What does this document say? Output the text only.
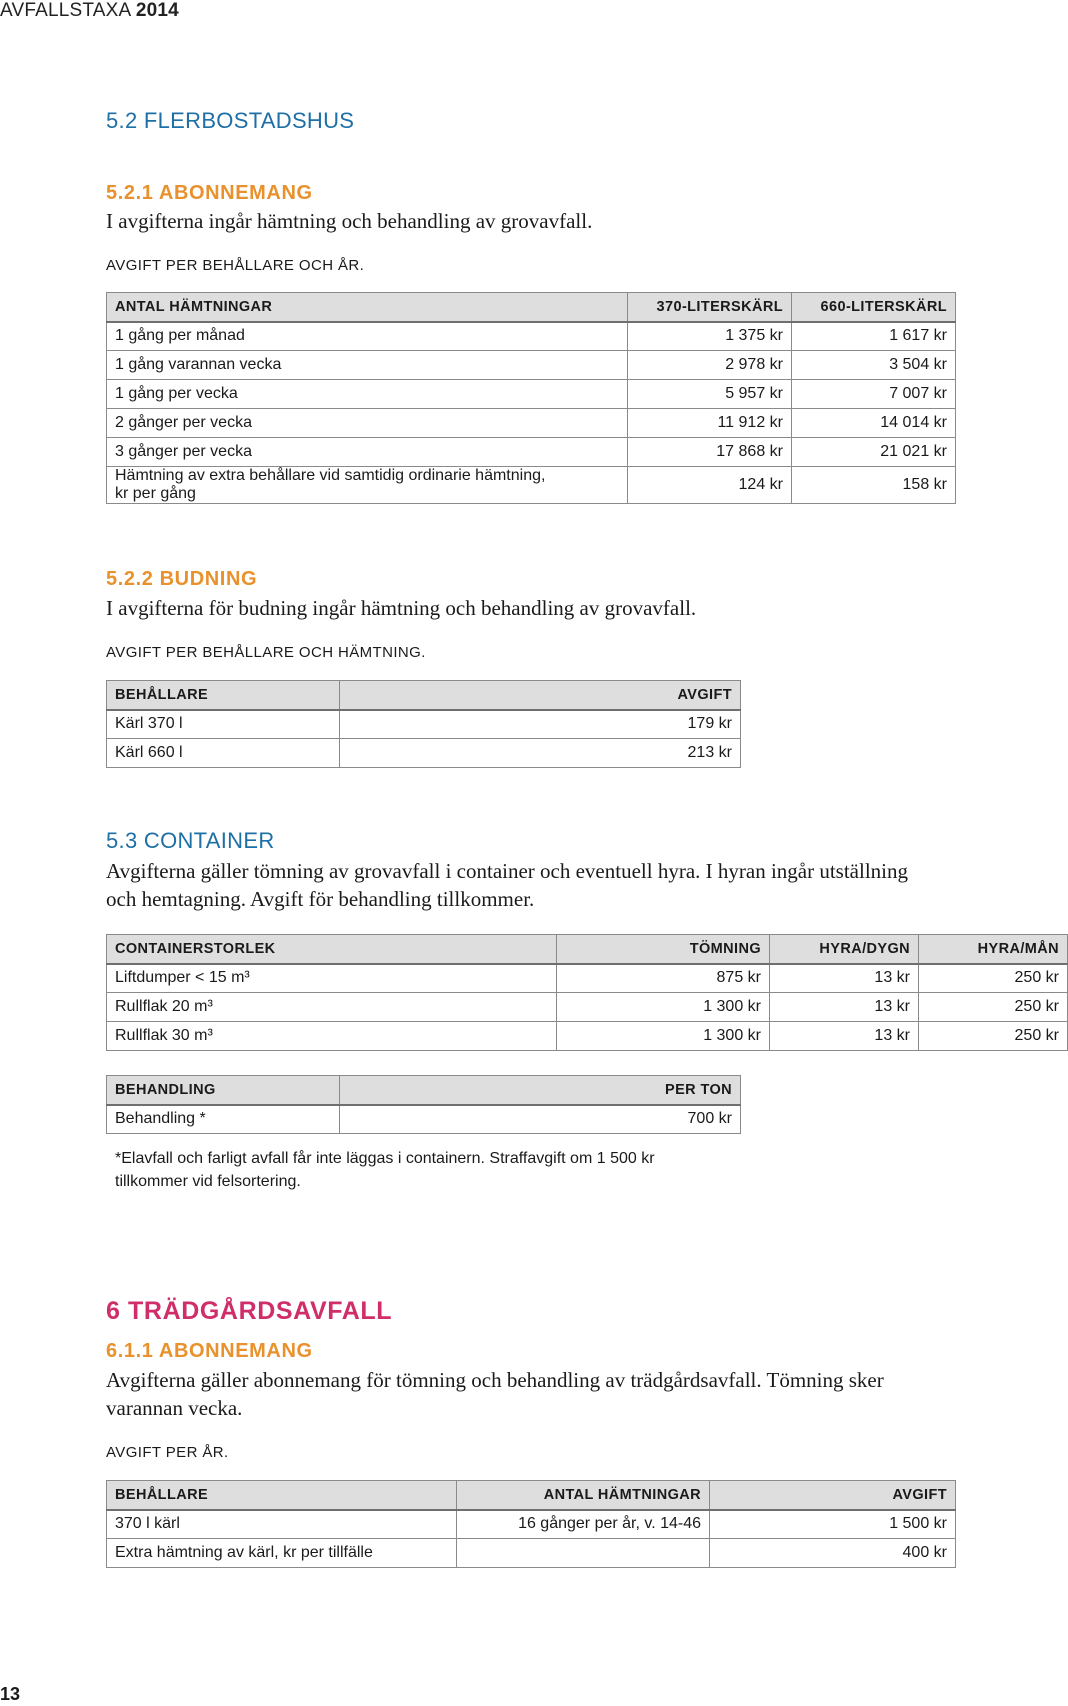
AVFALLSTAXA 2014
5.2 FLERBOSTADSHUS
5.2.1 ABONNEMANG
I avgifterna ingår hämtning och behandling av grovavfall.
AVGIFT PER BEHÅLLARE OCH ÅR.
ANTAL HÄMTNINGAR	370-LITERSKÄRL	660-LITERSKÄRL
1 gång per månad	1 375 kr	1 617 kr
1 gång varannan vecka	2 978 kr	3 504 kr
1 gång per vecka	5 957 kr	7 007 kr
2 gånger per vecka	11 912 kr	14 014 kr
3 gånger per vecka	17 868 kr	21 021 kr

Hämtning av extra behållare vid samtidig ordinarie hämtning,
kr per gång	124 kr	158 kr
5.2.2 BUDNING
I avgifterna för budning ingår hämtning och behandling av grovavfall.
AVGIFT PER BEHÅLLARE OCH HÄMTNING.
BEHÅLLARE	AVGIFT
Kärl 370 l	179 kr
Kärl 660 l	213 kr
5.3 CONTAINER
Avgifterna gäller tömning av grovavfall i container och eventuell hyra. I hyran ingår utställning
och hemtagning. Avgift för behandling tillkommer.
CONTAINERSTORLEK	TÖMNING	HYRA/DYGN	HYRA/MÅN
Liftdumper < 15 m³	875 kr	13 kr	250 kr
Rullflak 20 m³	1 300 kr	13 kr	250 kr
Rullflak 30 m³	1 300 kr	13 kr	250 kr
BEHANDLING	PER TON
Behandling *	700 kr
*Elavfall och farligt avfall får inte läggas i containern. Straffavgift om 1 500 kr
tillkommer vid felsortering.
6 TRÄDGÅRDSAVFALL
6.1.1 ABONNEMANG
Avgifterna gäller abonnemang för tömning och behandling av trädgårdsavfall. Tömning sker
varannan vecka.
AVGIFT PER ÅR.
BEHÅLLARE	ANTAL HÄMTNINGAR	AVGIFT
370 l kärl	16 gånger per år, v. 14-46	1 500 kr
Extra hämtning av kärl, kr per tillfälle		400 kr
13
